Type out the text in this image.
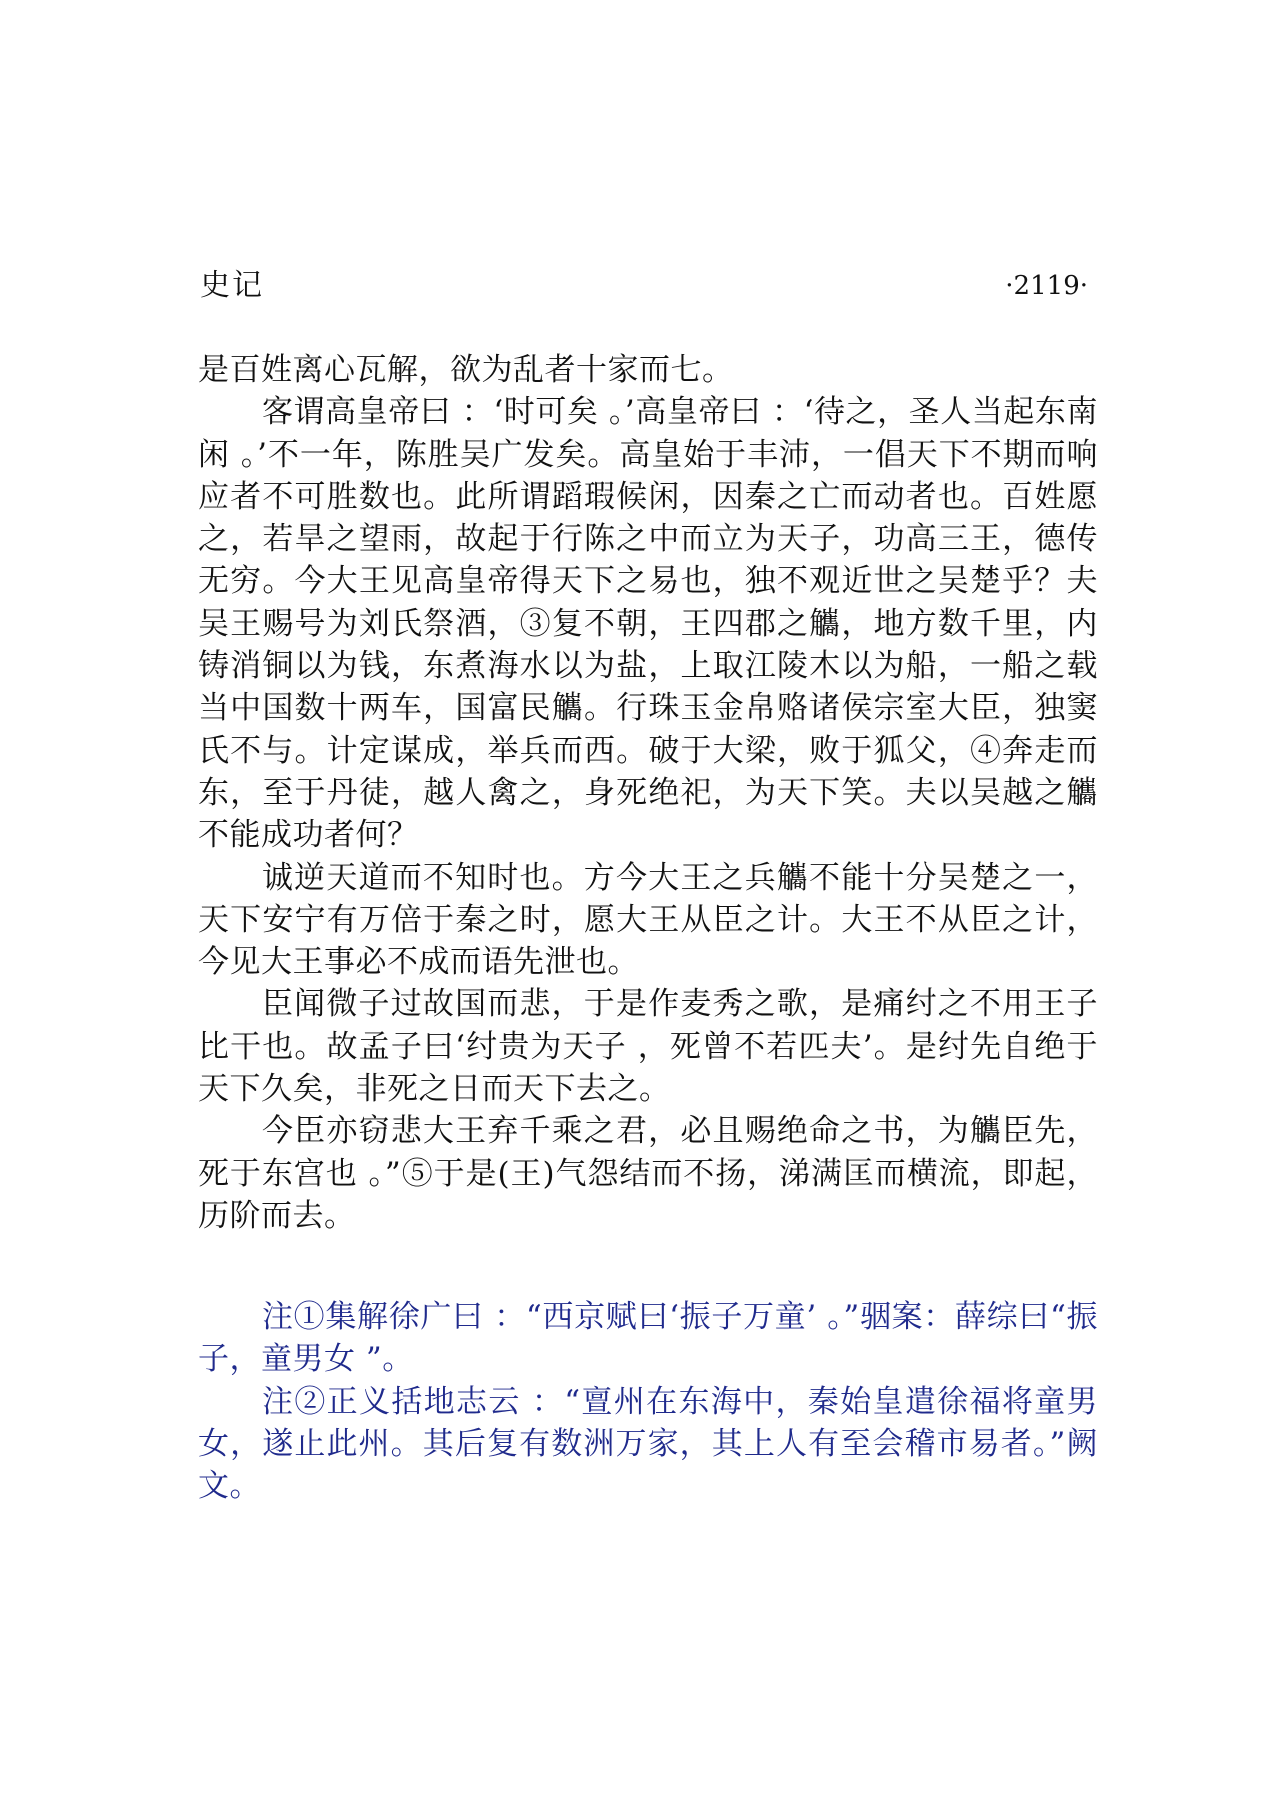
史记	·2119·

是百姓离心瓦解，欲为乱者十家而七。

客谓高皇帝曰 ：‘时可矣 。’高皇帝曰 ：‘待之，圣人当起东南闲 。’不一年，陈胜吴广发矣。高皇始于丰沛，一倡天下不期而响应者不可胜数也。此所谓蹈瑕候闲，因秦之亡而动者也。百姓愿之，若旱之望雨，故起于行陈之中而立为天子，功高三王，德传无穷。今大王见高皇帝得天下之易也，独不观近世之吴楚乎？夫吴王赐号为刘氏祭酒，③复不朝，王四郡之觿，地方数千里，内铸消铜以为钱，东煮海水以为盐，上取江陵木以为船，一船之载当中国数十两车，国富民觿。行珠玉金帛赂诸侯宗室大臣，独窦氏不与。计定谋成，举兵而西。破于大梁，败于狐父，④奔走而东，至于丹徒，越人禽之，身死绝祀，为天下笑。夫以吴越之觿不能成功者何？

诚逆天道而不知时也。方今大王之兵觿不能十分吴楚之一，天下安宁有万倍于秦之时，愿大王从臣之计。大王不从臣之计，今见大王事必不成而语先泄也。

臣闻微子过故国而悲，于是作麦秀之歌，是痛纣之不用王子比干也。故孟子曰‘纣贵为天子 ，死曾不若匹夫’。是纣先自绝于天下久矣，非死之日而天下去之。

今臣亦窃悲大王弃千乘之君，必且赐绝命之书，为觿臣先，死于东宫也 。”⑤于是(王)气怨结而不扬，涕满匡而横流，即起，历阶而去。

注①集解徐广曰 ：“西京赋曰‘振子万童’ 。”骃案：薛综曰“振子，童男女 ”。

注②正义括地志云 ：“亶州在东海中，秦始皇遣徐福将童男女，遂止此州。其后复有数洲万家，其上人有至会稽市易者。”阙文。
